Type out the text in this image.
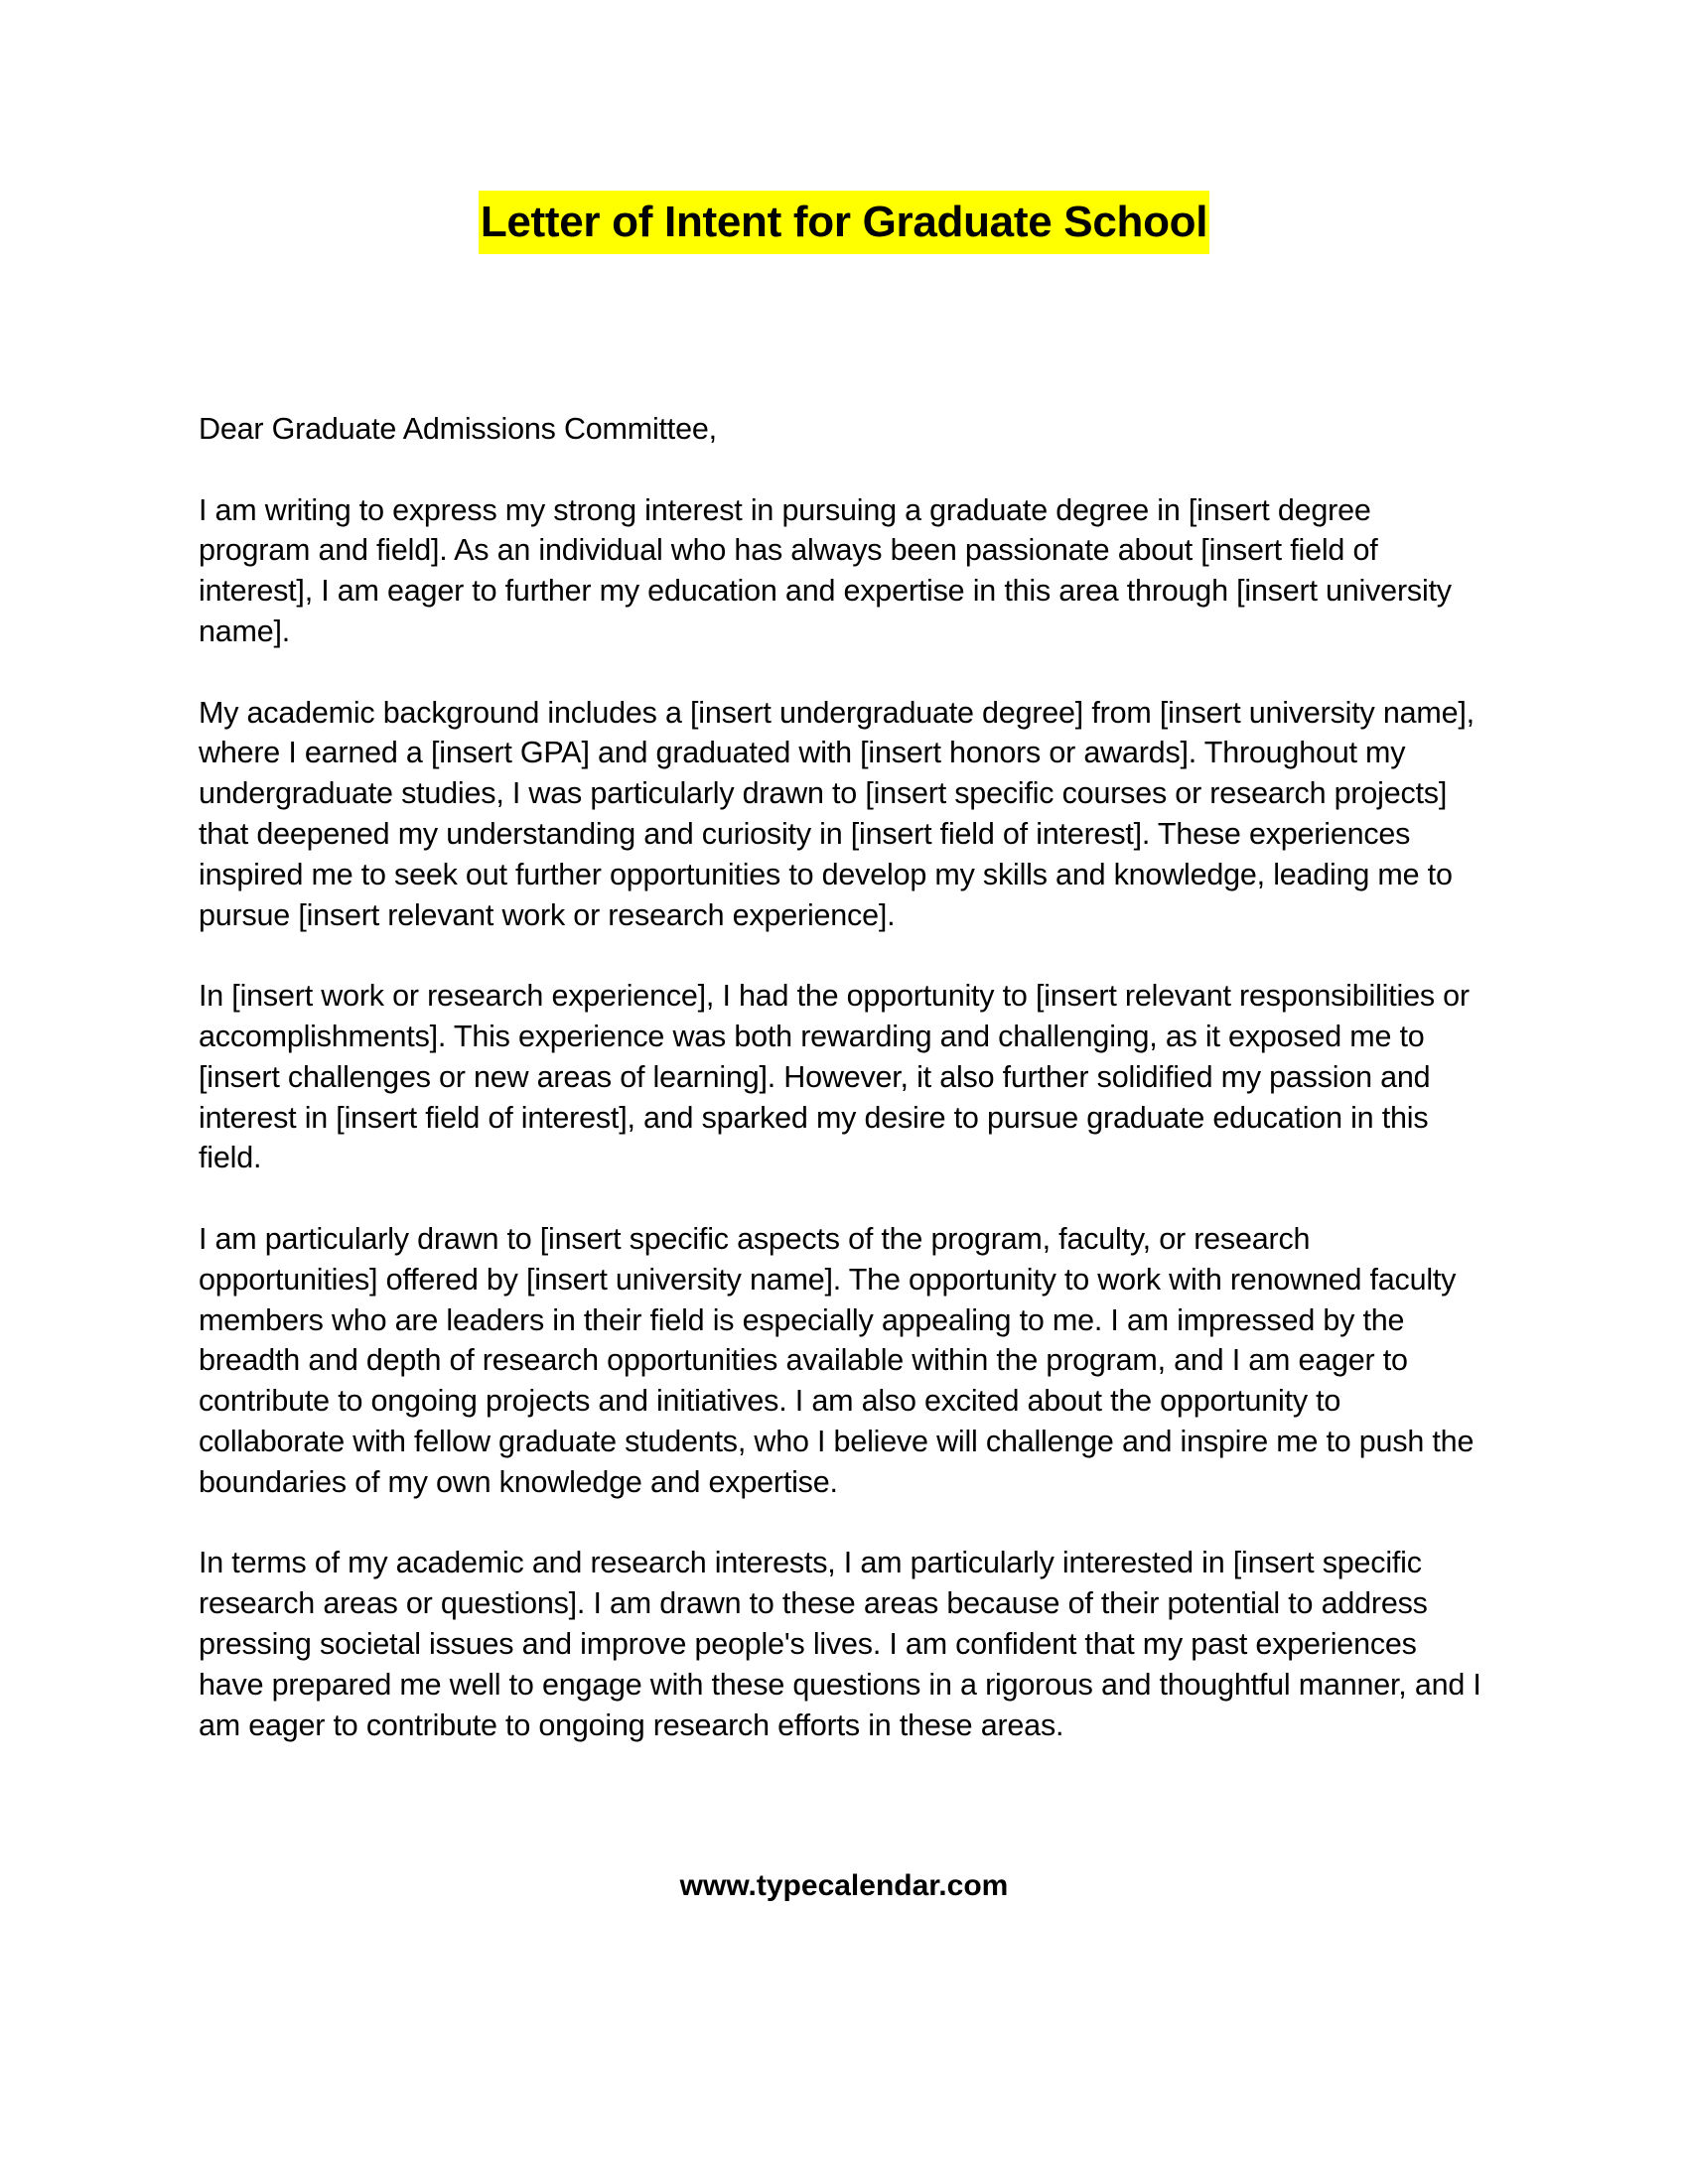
Letter of Intent for Graduate School

Dear Graduate Admissions Committee,

I am writing to express my strong interest in pursuing a graduate degree in [insert degree program and field]. As an individual who has always been passionate about [insert field of interest], I am eager to further my education and expertise in this area through [insert university name].

My academic background includes a [insert undergraduate degree] from [insert university name], where I earned a [insert GPA] and graduated with [insert honors or awards]. Throughout my undergraduate studies, I was particularly drawn to [insert specific courses or research projects] that deepened my understanding and curiosity in [insert field of interest]. These experiences inspired me to seek out further opportunities to develop my skills and knowledge, leading me to pursue [insert relevant work or research experience].

In [insert work or research experience], I had the opportunity to [insert relevant responsibilities or accomplishments]. This experience was both rewarding and challenging, as it exposed me to [insert challenges or new areas of learning]. However, it also further solidified my passion and interest in [insert field of interest], and sparked my desire to pursue graduate education in this field.

I am particularly drawn to [insert specific aspects of the program, faculty, or research opportunities] offered by [insert university name]. The opportunity to work with renowned faculty members who are leaders in their field is especially appealing to me. I am impressed by the breadth and depth of research opportunities available within the program, and I am eager to contribute to ongoing projects and initiatives. I am also excited about the opportunity to collaborate with fellow graduate students, who I believe will challenge and inspire me to push the boundaries of my own knowledge and expertise.

In terms of my academic and research interests, I am particularly interested in [insert specific research areas or questions]. I am drawn to these areas because of their potential to address pressing societal issues and improve people's lives. I am confident that my past experiences have prepared me well to engage with these questions in a rigorous and thoughtful manner, and I am eager to contribute to ongoing research efforts in these areas.

www.typecalendar.com
